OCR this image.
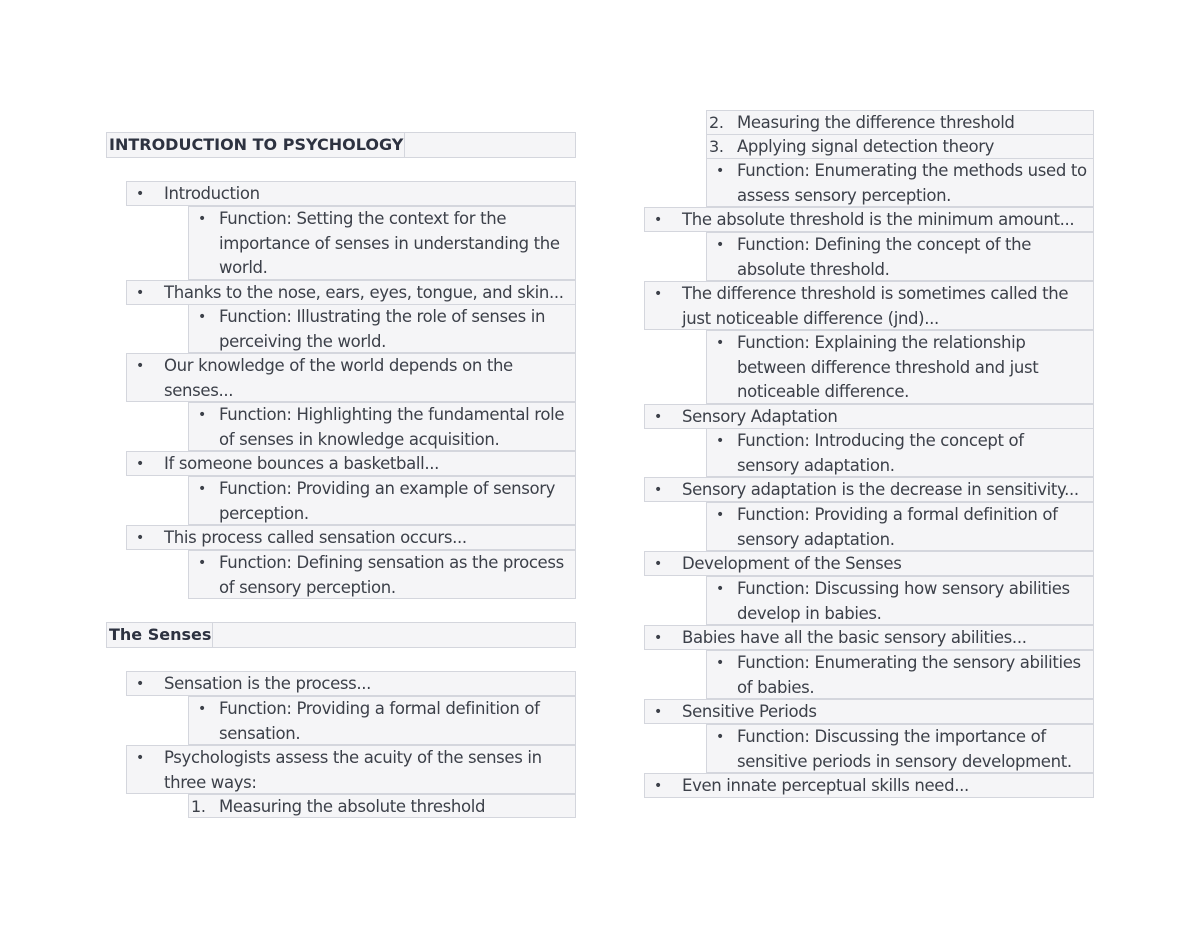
INTRODUCTION TO PSYCHOLOGY
• Introduction
• Function: Setting the context for the
importance of senses in understanding the
world.
• Thanks to the nose, ears, eyes, tongue, and skin...
• Function: Illustrating the role of senses in
perceiving the world.
• Our knowledge of the world depends on the
senses...
• Function: Highlighting the fundamental role
of senses in knowledge acquisition.
• If someone bounces a basketball...
• Function: Providing an example of sensory
perception.
• This process called sensation occurs...
• Function: Defining sensation as the process
of sensory perception.
The Senses
• Sensation is the process...
• Function: Providing a formal definition of
sensation.
• Psychologists assess the acuity of the senses in
three ways:
1. Measuring the absolute threshold
2. Measuring the difference threshold
3. Applying signal detection theory
• Function: Enumerating the methods used to
assess sensory perception.
• The absolute threshold is the minimum amount...
• Function: Defining the concept of the
absolute threshold.
• The difference threshold is sometimes called the
just noticeable difference (jnd)...
• Function: Explaining the relationship
between difference threshold and just
noticeable difference.
• Sensory Adaptation
• Function: Introducing the concept of
sensory adaptation.
• Sensory adaptation is the decrease in sensitivity...
• Function: Providing a formal definition of
sensory adaptation.
• Development of the Senses
• Function: Discussing how sensory abilities
develop in babies.
• Babies have all the basic sensory abilities...
• Function: Enumerating the sensory abilities
of babies.
• Sensitive Periods
• Function: Discussing the importance of
sensitive periods in sensory development.
• Even innate perceptual skills need...
